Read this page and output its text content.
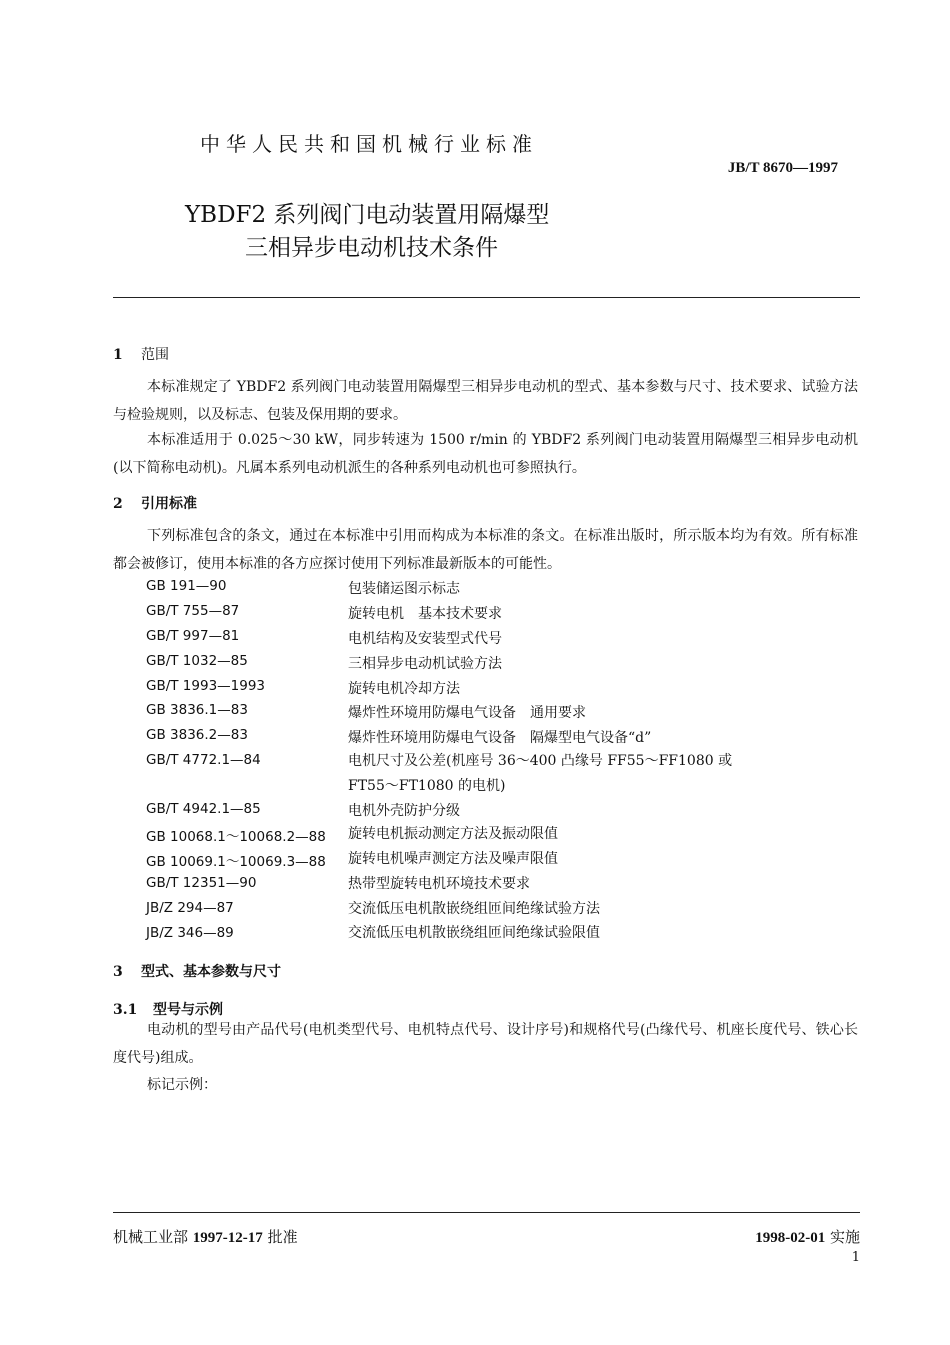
中华人民共和国机械行业标准
JB/T 8670—1997
YBDF2 系列阀门电动装置用隔爆型
三相异步电动机技术条件
1 范围
本标准规定了 YBDF2 系列阀门电动装置用隔爆型三相异步电动机的型式、基本参数与尺寸、技术要求、试验方法与检验规则，以及标志、包装及保用期的要求。
本标准适用于 0.025～30 kW，同步转速为 1500 r/min 的 YBDF2 系列阀门电动装置用隔爆型三相异步电动机(以下简称电动机)。凡属本系列电动机派生的各种系列电动机也可参照执行。
2 引用标准
下列标准包含的条文，通过在本标准中引用而构成为本标准的条文。在标准出版时，所示版本均为有效。所有标准都会被修订，使用本标准的各方应探讨使用下列标准最新版本的可能性。
GB 191—90	包装储运图示标志
GB/T 755—87	旋转电机　基本技术要求
GB/T 997—81	电机结构及安装型式代号
GB/T 1032—85	三相异步电动机试验方法
GB/T 1993—1993	旋转电机冷却方法
GB 3836.1—83	爆炸性环境用防爆电气设备　通用要求
GB 3836.2—83	爆炸性环境用防爆电气设备　隔爆型电气设备“d”
GB/T 4772.1—84	电机尺寸及公差(机座号 36～400 凸缘号 FF55～FF1080 或
FT55～FT1080 的电机)
GB/T 4942.1—85	电机外壳防护分级
GB 10068.1～10068.2—88 旋转电机振动测定方法及振动限值
GB 10069.1～10069.3—88 旋转电机噪声测定方法及噪声限值
GB/T 12351—90	热带型旋转电机环境技术要求
JB/Z 294—87	交流低压电机散嵌绕组匝间绝缘试验方法
JB/Z 346—89	交流低压电机散嵌绕组匝间绝缘试验限值
3 型式、基本参数与尺寸
3.1 型号与示例
电动机的型号由产品代号(电机类型代号、电机特点代号、设计序号)和规格代号(凸缘代号、机座长度代号、铁心长度代号)组成。
标记示例：
机械工业部 1997-12-17 批准	1998-02-01 实施
1
